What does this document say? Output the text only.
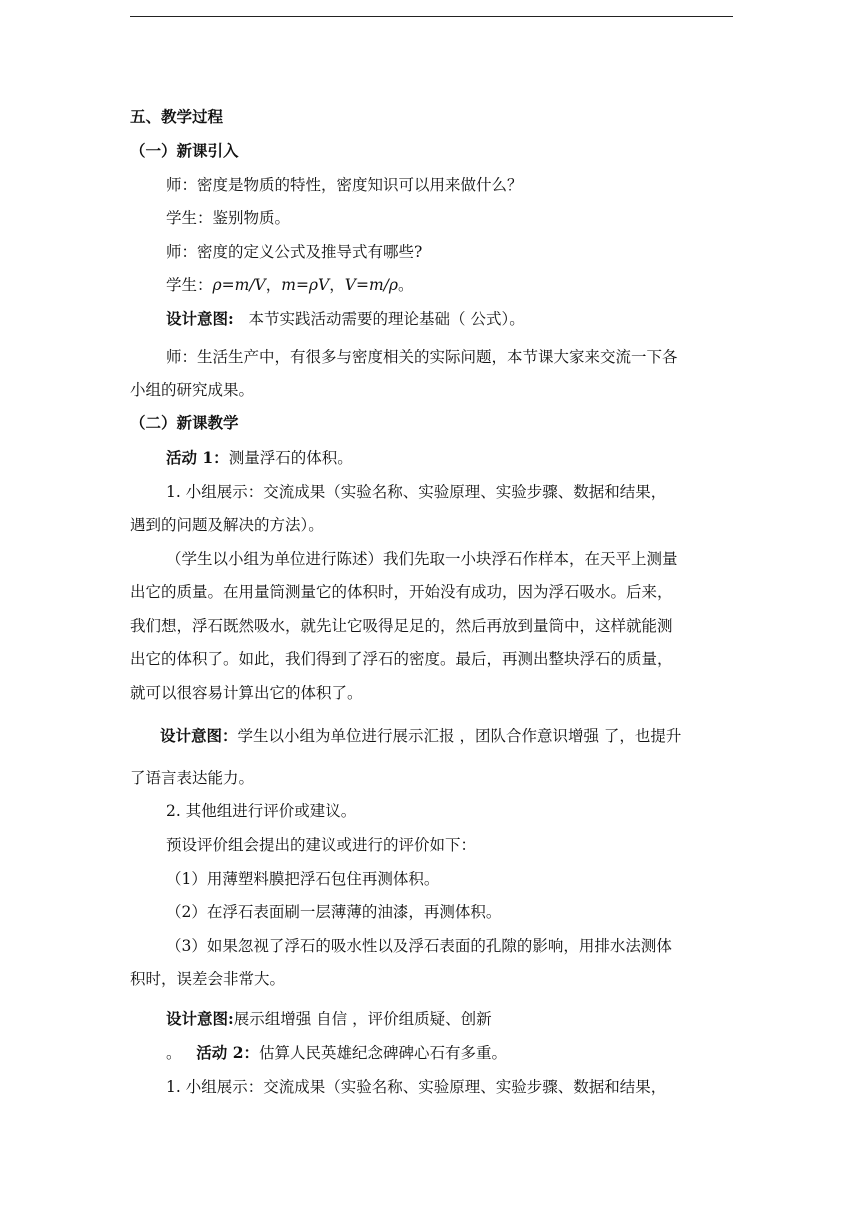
五、教学过程
（一）新课引入
师：密度是物质的特性，密度知识可以用来做什么？
学生：鉴别物质。
师：密度的定义公式及推导式有哪些?
学生：ρ=m/V，m=ρV，V=m/ρ。
设计意图: 本节实践活动需要的理论基础（ 公式）。
师：生活生产中，有很多与密度相关的实际问题，本节课大家来交流一下各
小组的研究成果。
（二）新课教学
活动 1：测量浮石的体积。
1. 小组展示：交流成果（实验名称、实验原理、实验步骤、数据和结果，
遇到的问题及解决的方法）。
（学生以小组为单位进行陈述）我们先取一小块浮石作样本，在天平上测量
出它的质量。在用量筒测量它的体积时，开始没有成功，因为浮石吸水。后来，
我们想，浮石既然吸水，就先让它吸得足足的，然后再放到量筒中，这样就能测
出它的体积了。如此，我们得到了浮石的密度。最后，再测出整块浮石的质量，
就可以很容易计算出它的体积了。
设计意图：学生以小组为单位进行展示汇报 ，团队合作意识增强 了，也提升
了语言表达能力。
2. 其他组进行评价或建议。
预设评价组会提出的建议或进行的评价如下：
（1）用薄塑料膜把浮石包住再测体积。
（2）在浮石表面刷一层薄薄的油漆，再测体积。
（3）如果忽视了浮石的吸水性以及浮石表面的孔隙的影响，用排水法测体
积时，误差会非常大。
设计意图:展示组增强 自信 ，评价组质疑、创新
。 活动 2：估算人民英雄纪念碑碑心石有多重。
1. 小组展示：交流成果（实验名称、实验原理、实验步骤、数据和结果，
